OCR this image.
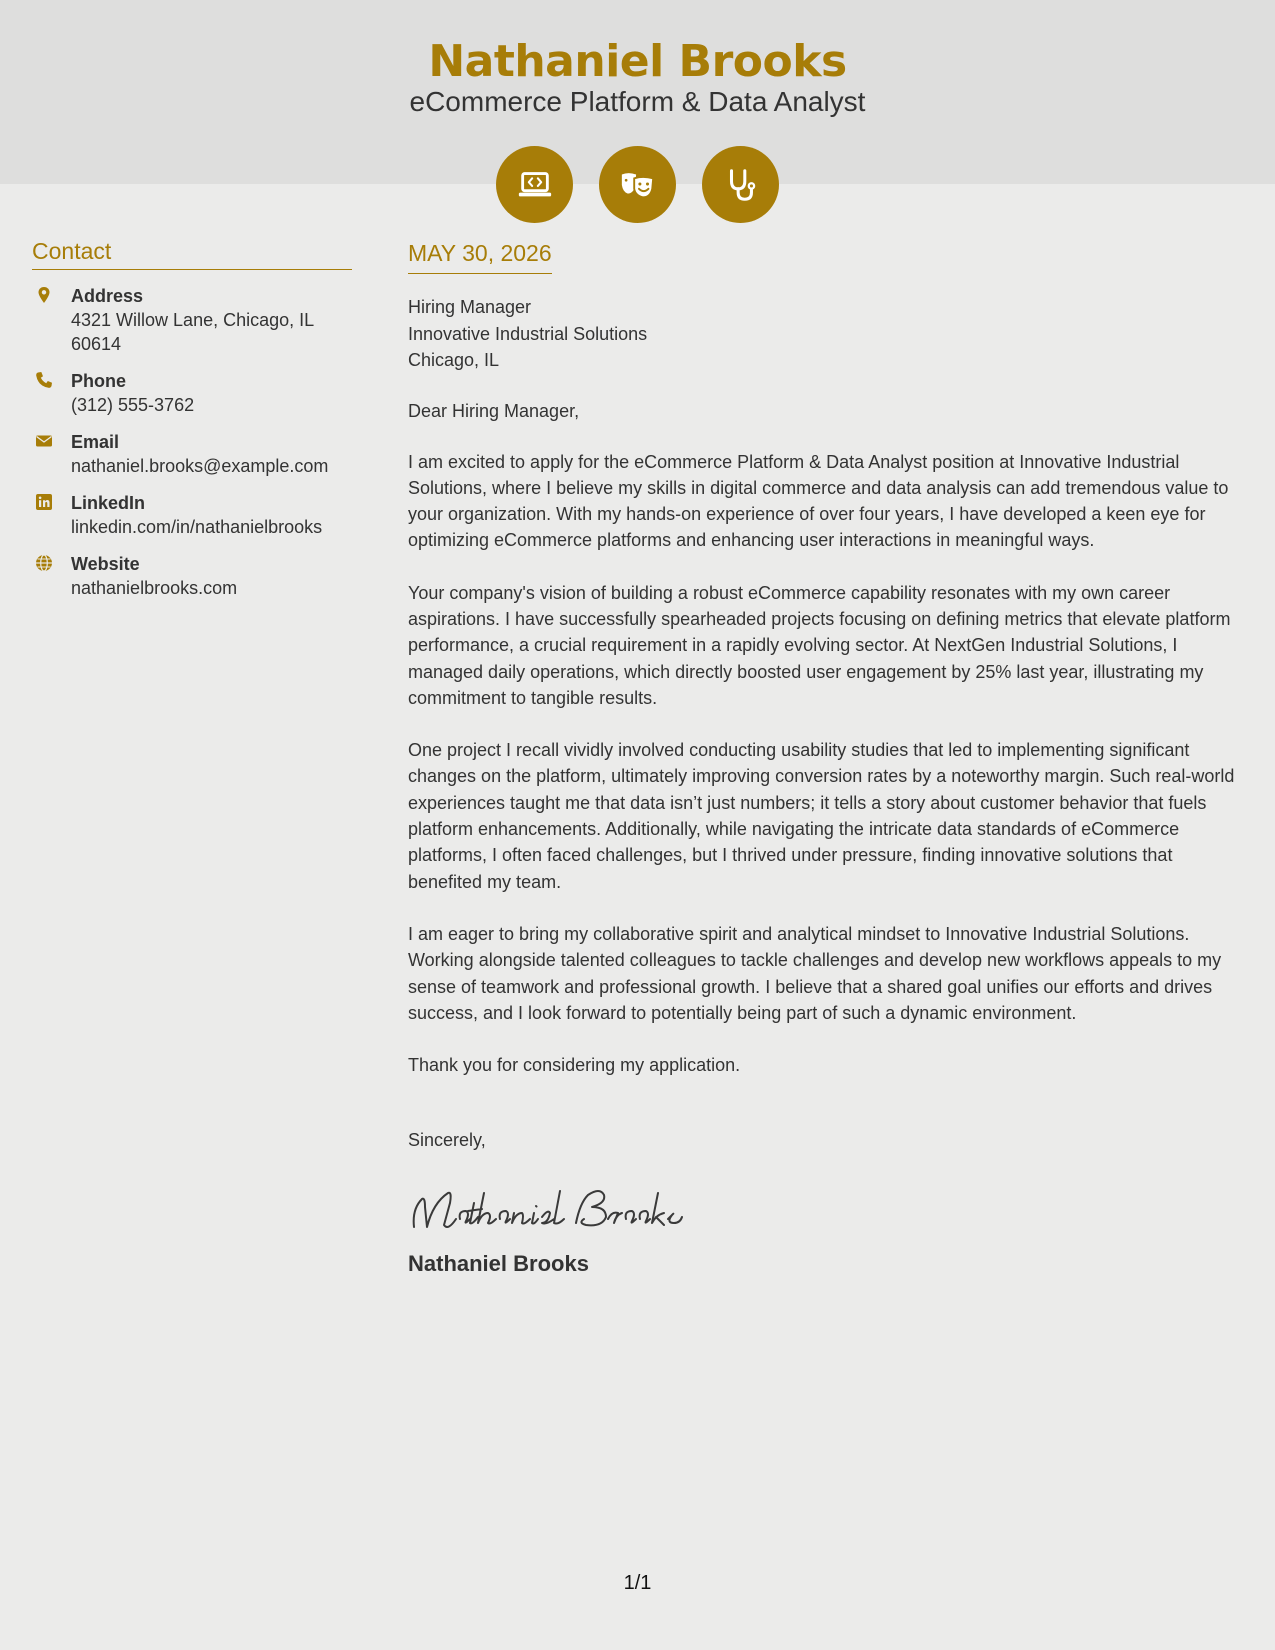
Nathaniel Brooks
eCommerce Platform & Data Analyst
Contact
Address
4321 Willow Lane, Chicago, IL 60614
Phone
(312) 555-3762
Email
nathaniel.brooks@example.com
LinkedIn
linkedin.com/in/nathanielbrooks
Website
nathanielbrooks.com
MAY 30, 2026
Hiring Manager
Innovative Industrial Solutions
Chicago, IL
Dear Hiring Manager,

I am excited to apply for the eCommerce Platform & Data Analyst position at Innovative Industrial Solutions, where I believe my skills in digital commerce and data analysis can add tremendous value to your organization. With my hands-on experience of over four years, I have developed a keen eye for optimizing eCommerce platforms and enhancing user interactions in meaningful ways.

Your company's vision of building a robust eCommerce capability resonates with my own career aspirations. I have successfully spearheaded projects focusing on defining metrics that elevate platform performance, a crucial requirement in a rapidly evolving sector. At NextGen Industrial Solutions, I managed daily operations, which directly boosted user engagement by 25% last year, illustrating my commitment to tangible results.

One project I recall vividly involved conducting usability studies that led to implementing significant changes on the platform, ultimately improving conversion rates by a noteworthy margin. Such real-world experiences taught me that data isn’t just numbers; it tells a story about customer behavior that fuels platform enhancements. Additionally, while navigating the intricate data standards of eCommerce platforms, I often faced challenges, but I thrived under pressure, finding innovative solutions that benefited my team.

I am eager to bring my collaborative spirit and analytical mindset to Innovative Industrial Solutions. Working alongside talented colleagues to tackle challenges and develop new workflows appeals to my sense of teamwork and professional growth. I believe that a shared goal unifies our efforts and drives success, and I look forward to potentially being part of such a dynamic environment.

Thank you for considering my application.

Sincerely,
Nathaniel Brooks
1/1
